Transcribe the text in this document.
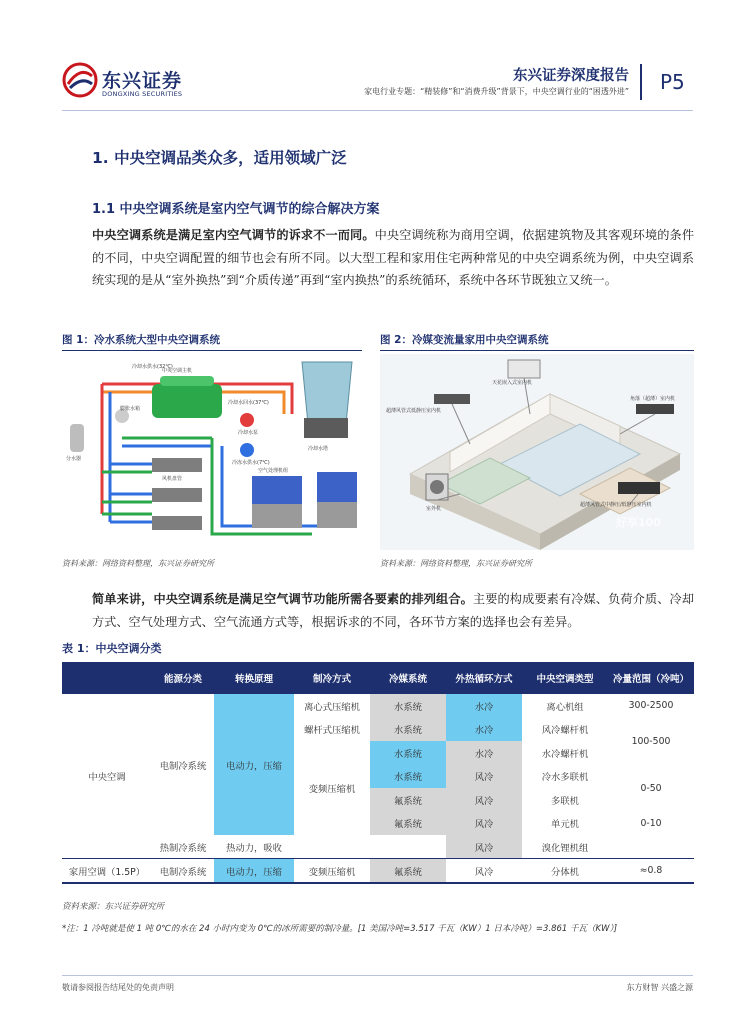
东兴证券
DONGXING SECURITIES
东兴证券深度报告
家电行业专题：“精装修”和“消费升级”背景下，中央空调行业的“困透外进” P5
1. 中央空调品类众多，适用领域广泛
1.1 中央空调系统是室内空气调节的综合解决方案
中央空调系统是满足室内空气调节的诉求不一而同。中央空调统称为商用空调，依据建筑物及其客观环境的条件的不同，中央空调配置的细节也会有所不同。以大型工程和家用住宅两种常见的中央空调系统为例，中央空调系统实现的是从“室外换热”到“介质传递”再到“室内换热”的系统循环，系统中各环节既独立又统一。
图 1：冷水系统大型中央空调系统
冷却水供水(32℃)
中央空调主机
冷却水回水(37℃)
冷却水泵
冷冻水供水(7℃)
冷却水塔
分水器
风机盘管
空气处理机组
膨胀水箱
资料来源：网络资料整理，东兴证券研究所
图 2：冷媒变流量家用中央空调系统
天花嵌入式室内机
超薄风管式低静压室内机
角落（超薄）室内机
室外机
超薄风管式中静压/低静压室内机
好享100
资料来源：网络资料整理，东兴证券研究所
简单来讲，中央空调系统是满足空气调节功能所需各要素的排列组合。主要的构成要素有冷媒、负荷介质、冷却方式、空气处理方式、空气流通方式等，根据诉求的不同，各环节方案的选择也会有差异。
表 1：中央空调分类
	能源分类	转换原理	制冷方式	冷媒系统	外热循环方式	中央空调类型	冷量范围（冷吨）
中央空调	电制冷系统	电动力，压缩	离心式压缩机	水系统	水冷	离心机组	300-2500
			螺杆式压缩机	水系统	水冷	风冷螺杆机	100-500
			变频压缩机	水系统	水冷	水冷螺杆机	
				水系统	风冷	冷水多联机	0-50
				氟系统	风冷	多联机	
				氟系统	风冷	单元机	0-10
	热制冷系统	热动力，吸收			风冷	溴化锂机组	
家用空调（1.5P）	电制冷系统	电动力，压缩	变频压缩机	氟系统	风冷	分体机	≈0.8
资料来源：东兴证券研究所
*注：1 冷吨就是使 1 吨 0℃的水在 24 小时内变为 0℃的冰所需要的制冷量。[1 美国冷吨=3.517 千瓦（KW）1 日本冷吨）=3.861 千瓦（KW）]
敬请参阅报告结尾处的免责声明	东方财智 兴盛之源
